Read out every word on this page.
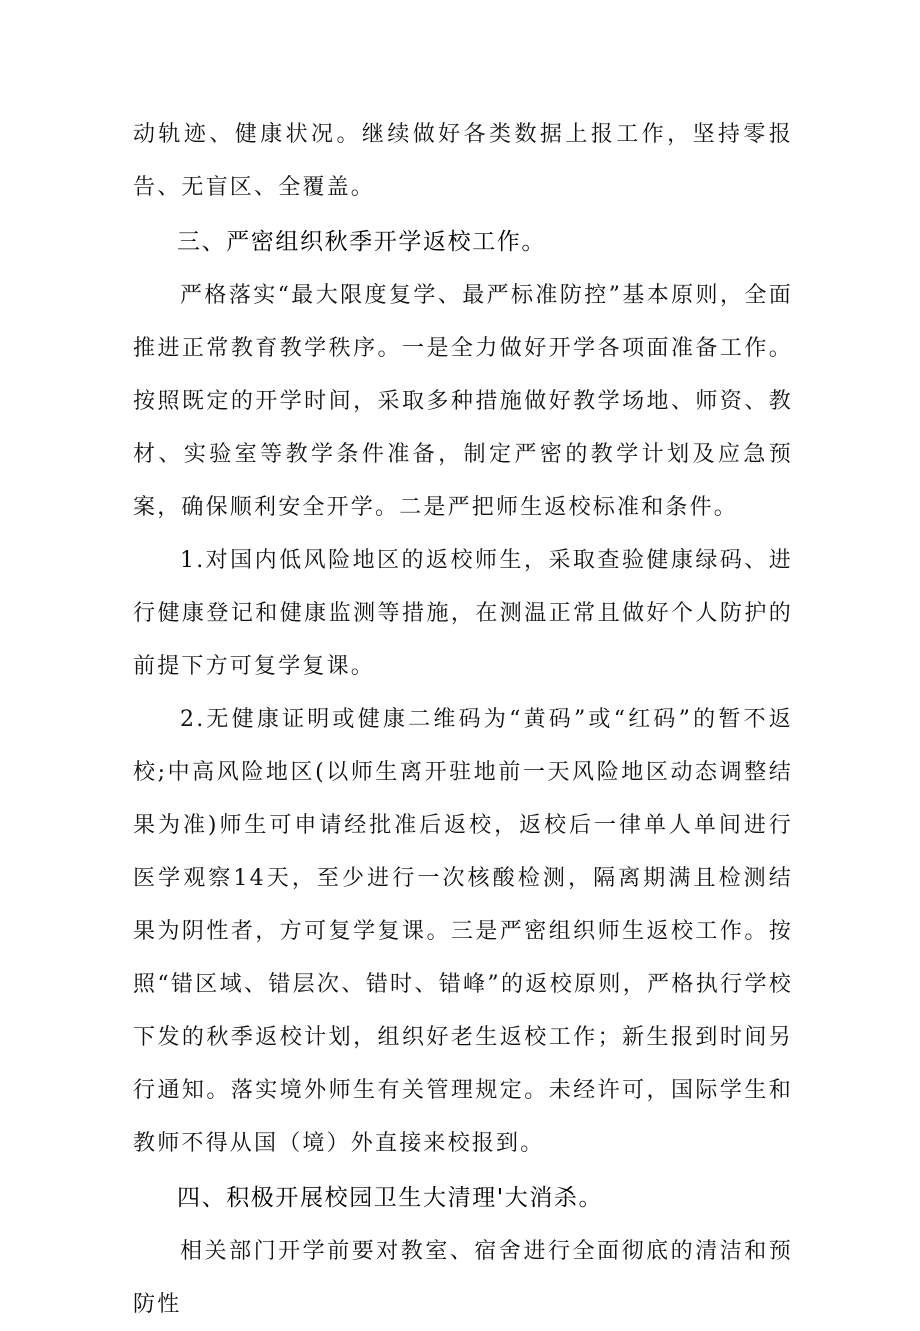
动轨迹、健康状况。继续做好各类数据上报工作，坚持零报告、无盲区、全覆盖。

三、严密组织秋季开学返校工作。

严格落实“最大限度复学、最严标准防控”基本原则，全面推进正常教育教学秩序。一是全力做好开学各项面准备工作。按照既定的开学时间，采取多种措施做好教学场地、师资、教材、实验室等教学条件准备，制定严密的教学计划及应急预案，确保顺利安全开学。二是严把师生返校标准和条件。

1.对国内低风险地区的返校师生，采取查验健康绿码、进行健康登记和健康监测等措施，在测温正常且做好个人防护的前提下方可复学复课。

2.无健康证明或健康二维码为“黄码”或“红码”的暂不返校;中高风险地区(以师生离开驻地前一天风险地区动态调整结果为准)师生可申请经批准后返校，返校后一律单人单间进行医学观察14天，至少进行一次核酸检测，隔离期满且检测结果为阴性者，方可复学复课。三是严密组织师生返校工作。按照“错区域、错层次、错时、错峰”的返校原则，严格执行学校下发的秋季返校计划，组织好老生返校工作；新生报到时间另行通知。落实境外师生有关管理规定。未经许可，国际学生和教师不得从国（境）外直接来校报到。

四、积极开展校园卫生大清理'大消杀。

相关部门开学前要对教室、宿舍进行全面彻底的清洁和预防性
